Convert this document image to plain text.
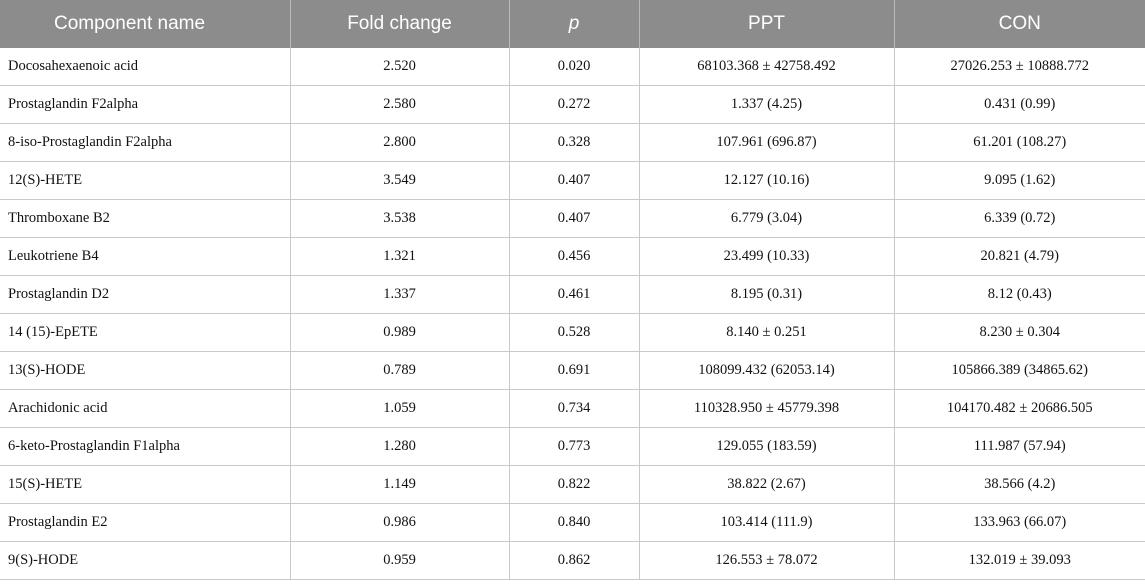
Component name	Fold change	p	PPT	CON
Docosahexaenoic acid	2.520	0.020	68103.368 ± 42758.492	27026.253 ± 10888.772
Prostaglandin F2alpha	2.580	0.272	1.337 (4.25)	0.431 (0.99)
8-iso-Prostaglandin F2alpha	2.800	0.328	107.961 (696.87)	61.201 (108.27)
12(S)-HETE	3.549	0.407	12.127 (10.16)	9.095 (1.62)
Thromboxane B2	3.538	0.407	6.779 (3.04)	6.339 (0.72)
Leukotriene B4	1.321	0.456	23.499 (10.33)	20.821 (4.79)
Prostaglandin D2	1.337	0.461	8.195 (0.31)	8.12 (0.43)
14 (15)-EpETE	0.989	0.528	8.140 ± 0.251	8.230 ± 0.304
13(S)-HODE	0.789	0.691	108099.432 (62053.14)	105866.389 (34865.62)
Arachidonic acid	1.059	0.734	110328.950 ± 45779.398	104170.482 ± 20686.505
6-keto-Prostaglandin F1alpha	1.280	0.773	129.055 (183.59)	111.987 (57.94)
15(S)-HETE	1.149	0.822	38.822 (2.67)	38.566 (4.2)
Prostaglandin E2	0.986	0.840	103.414 (111.9)	133.963 (66.07)
9(S)-HODE	0.959	0.862	126.553 ± 78.072	132.019 ± 39.093
